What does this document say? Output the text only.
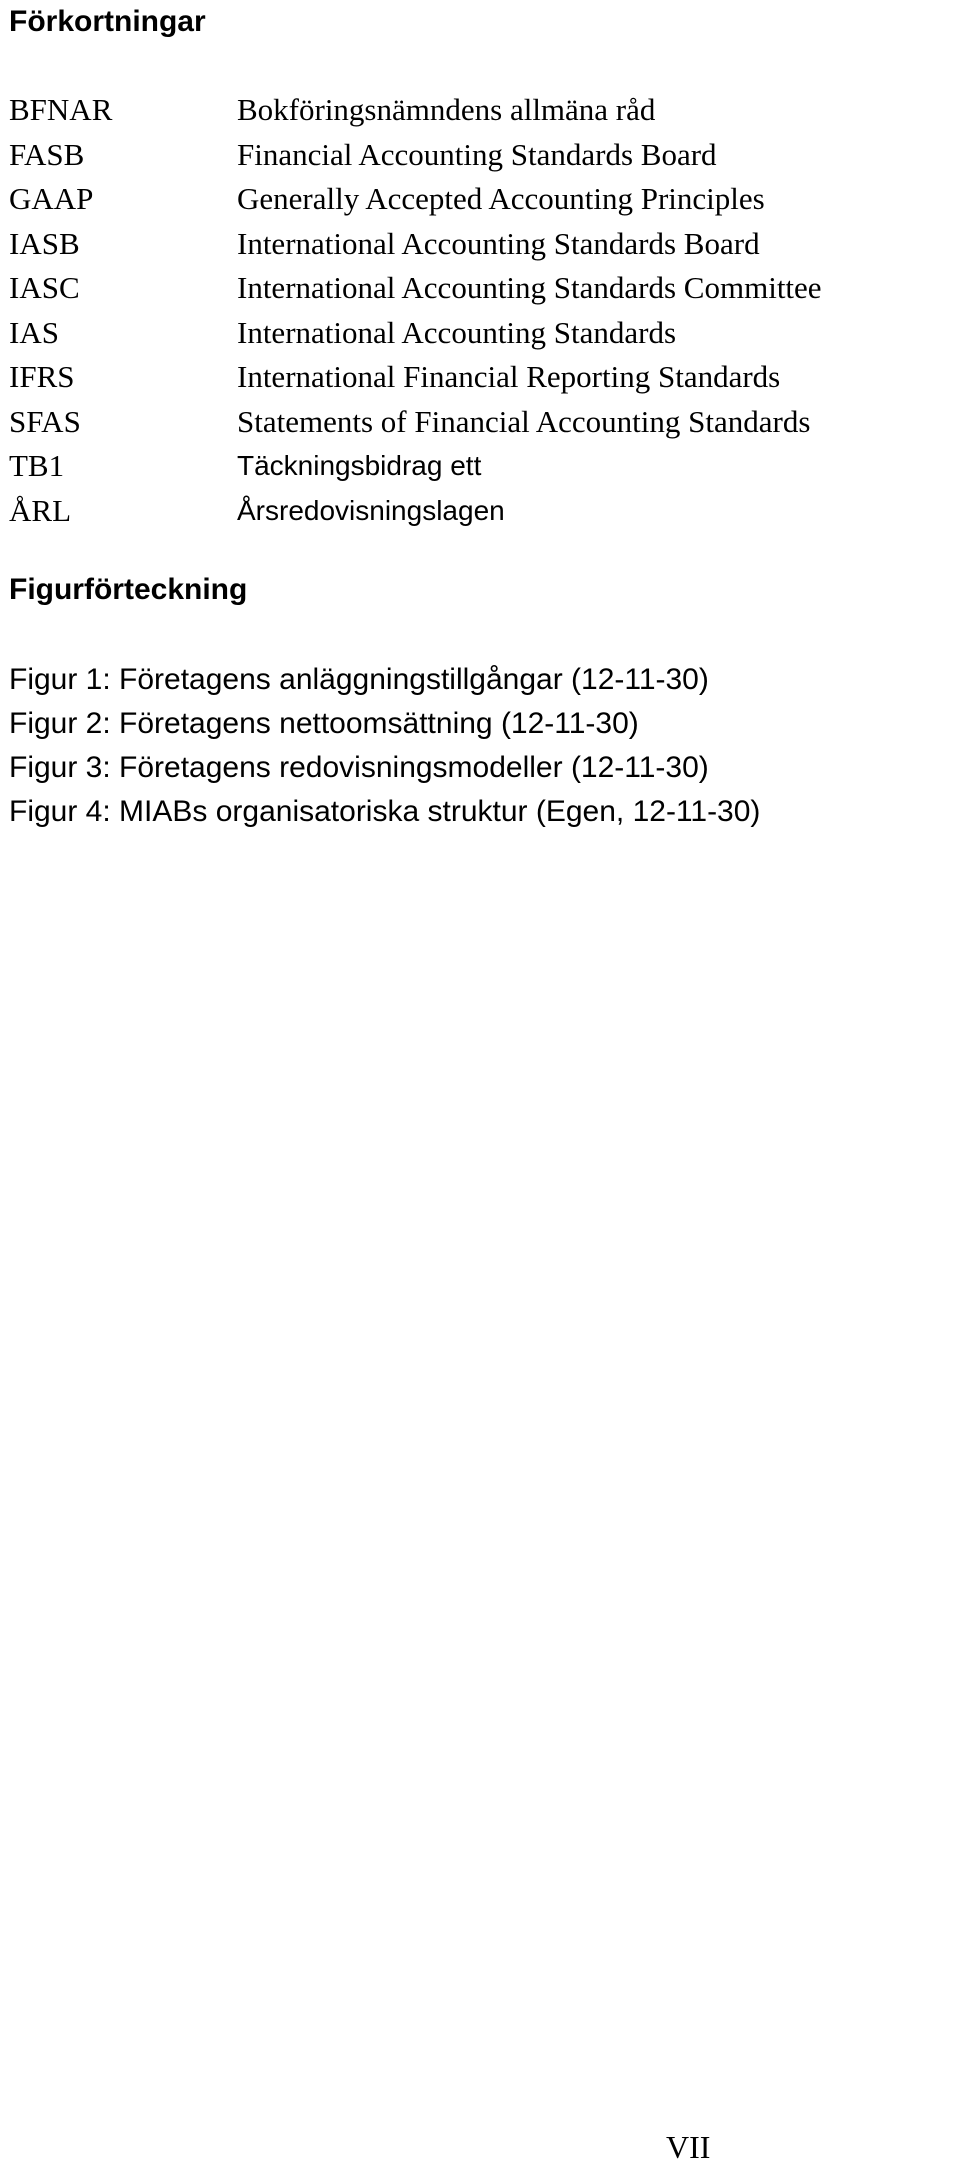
Förkortningar
BFNAR	Bokföringsnämndens allmäna råd
FASB	Financial Accounting Standards Board
GAAP	Generally Accepted Accounting Principles
IASB	International Accounting Standards Board
IASC	International Accounting Standards Committee
IAS	International Accounting Standards
IFRS	International Financial Reporting Standards
SFAS	Statements of Financial Accounting Standards
TB1	Täckningsbidrag ett
ÅRL	Årsredovisningslagen
Figurförteckning
Figur 1: Företagens anläggningstillgångar (12-11-30)
Figur 2: Företagens nettoomsättning (12-11-30)
Figur 3: Företagens redovisningsmodeller (12-11-30)
Figur 4: MIABs organisatoriska struktur (Egen, 12-11-30)
VII
